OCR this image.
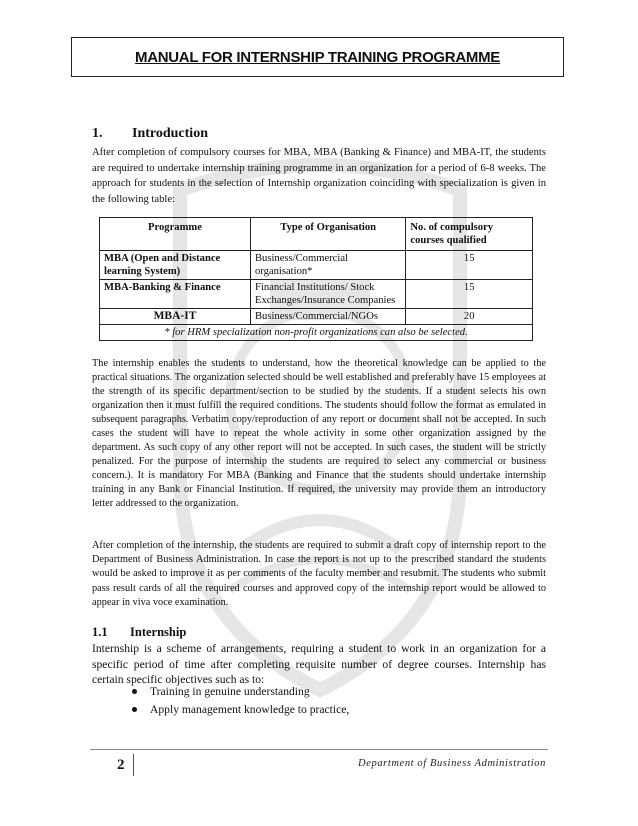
MANUAL FOR INTERNSHIP TRAINING PROGRAMME
1. Introduction

After completion of compulsory courses for MBA, MBA (Banking & Finance) and MBA-IT, the students are required to undertake internship training programme in an organization for a period of 6-8 weeks. The approach for students in the selection of Internship organization coinciding with specialization is given in the following table:

Programme	Type of Organisation	No. of compulsory courses qualified
MBA (Open and Distance learning System)	Business/Commercial organisation*	15
MBA-Banking & Finance	Financial Institutions/ Stock Exchanges/Insurance Companies	15
MBA-IT	Business/Commercial/NGOs	20
* for HRM specialization non-profit organizations can also be selected.		

The internship enables the students to understand, how the theoretical knowledge can be applied to the practical situations. The organization selected should be well established and preferably have 15 employees at the strength of its specific department/section to be studied by the students. If a student selects his own organization then it must fulfill the required conditions. The students should follow the format as emulated in subsequent paragraphs. Verbatim copy/reproduction of any report or document shall not be accepted. In such cases the student will have to repeat the whole activity in some other organization assigned by the department. As such copy of any other report will not be accepted. In such cases, the student will be strictly penalized. For the purpose of internship the students are required to select any commercial or business concern.). It is mandatory For MBA (Banking and Finance that the students should undertake internship training in any Bank or Financial Institution. If required, the university may provide them an introductory letter addressed to the organization.

After completion of the internship, the students are required to submit a draft copy of internship report to the Department of Business Administration. In case the report is not up to the prescribed standard the students would be asked to improve it as per comments of the faculty member and resubmit. The students who submit pass result cards of all the required courses and approved copy of the internship report would be allowed to appear in viva voce examination.

1.1 Internship

Internship is a scheme of arrangements, requiring a student to work in an organization for a specific period of time after completing requisite number of degree courses. Internship has certain specific objectives such as to:

Training in genuine understanding
Apply management knowledge to practice,
2	Department of Business Administration
